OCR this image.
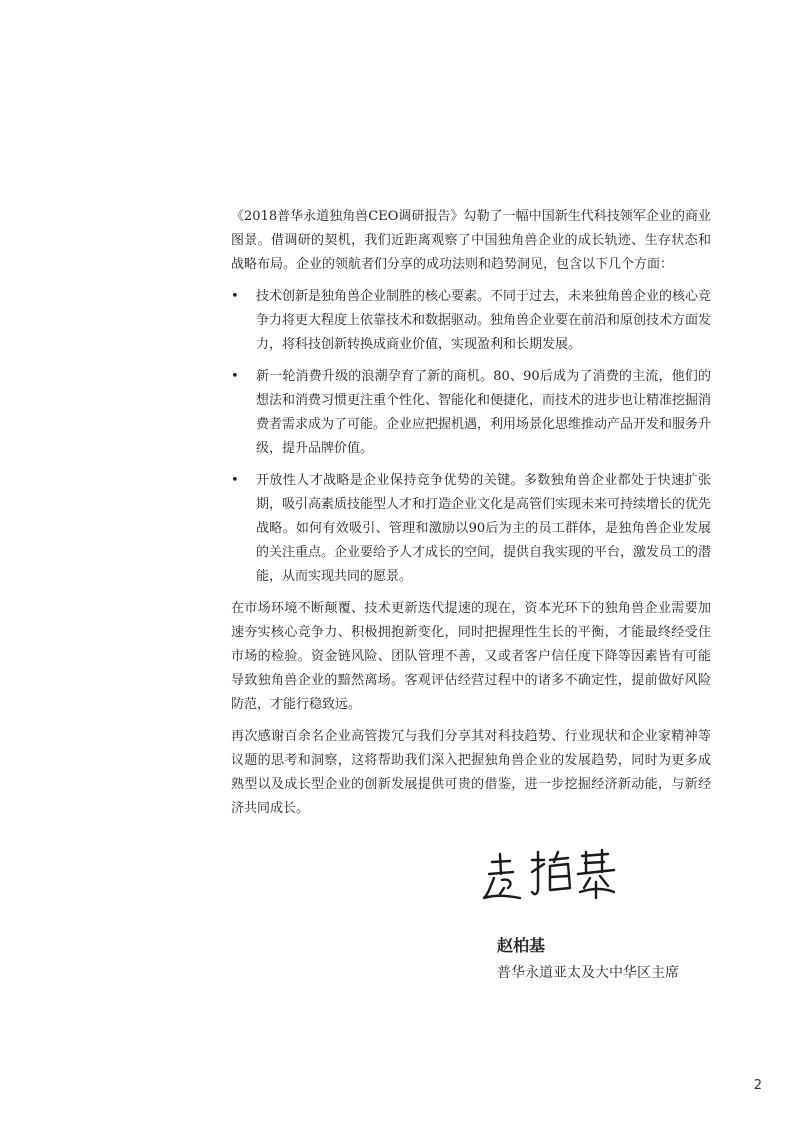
《2018普华永道独角兽CEO调研报告》勾勒了一幅中国新生代科技领军企业的商业图景。借调研的契机，我们近距离观察了中国独角兽企业的成长轨迹、生存状态和战略布局。企业的领航者们分享的成功法则和趋势洞见，包含以下几个方面：

•	技术创新是独角兽企业制胜的核心要素。不同于过去，未来独角兽企业的核心竞争力将更大程度上依靠技术和数据驱动。独角兽企业要在前沿和原创技术方面发力，将科技创新转换成商业价值，实现盈利和长期发展。
•	新一轮消费升级的浪潮孕育了新的商机。80、90后成为了消费的主流，他们的想法和消费习惯更注重个性化、智能化和便捷化，而技术的进步也让精准挖掘消费者需求成为了可能。企业应把握机遇，利用场景化思维推动产品开发和服务升级，提升品牌价值。
•	开放性人才战略是企业保持竞争优势的关键。多数独角兽企业都处于快速扩张期，吸引高素质技能型人才和打造企业文化是高管们实现未来可持续增长的优先战略。如何有效吸引、管理和激励以90后为主的员工群体，是独角兽企业发展的关注重点。企业要给予人才成长的空间，提供自我实现的平台，激发员工的潜能，从而实现共同的愿景。

在市场环境不断颠覆、技术更新迭代提速的现在，资本光环下的独角兽企业需要加速夯实核心竞争力、积极拥抱新变化，同时把握理性生长的平衡，才能最终经受住市场的检验。资金链风险、团队管理不善，又或者客户信任度下降等因素皆有可能导致独角兽企业的黯然离场。客观评估经营过程中的诸多不确定性，提前做好风险防范，才能行稳致远。

再次感谢百余名企业高管拨冗与我们分享其对科技趋势、行业现状和企业家精神等议题的思考和洞察，这将帮助我们深入把握独角兽企业的发展趋势，同时为更多成熟型以及成长型企业的创新发展提供可贵的借鉴，进一步挖掘经济新动能，与新经济共同成长。

赵柏基
普华永道亚太及大中华区主席
2
